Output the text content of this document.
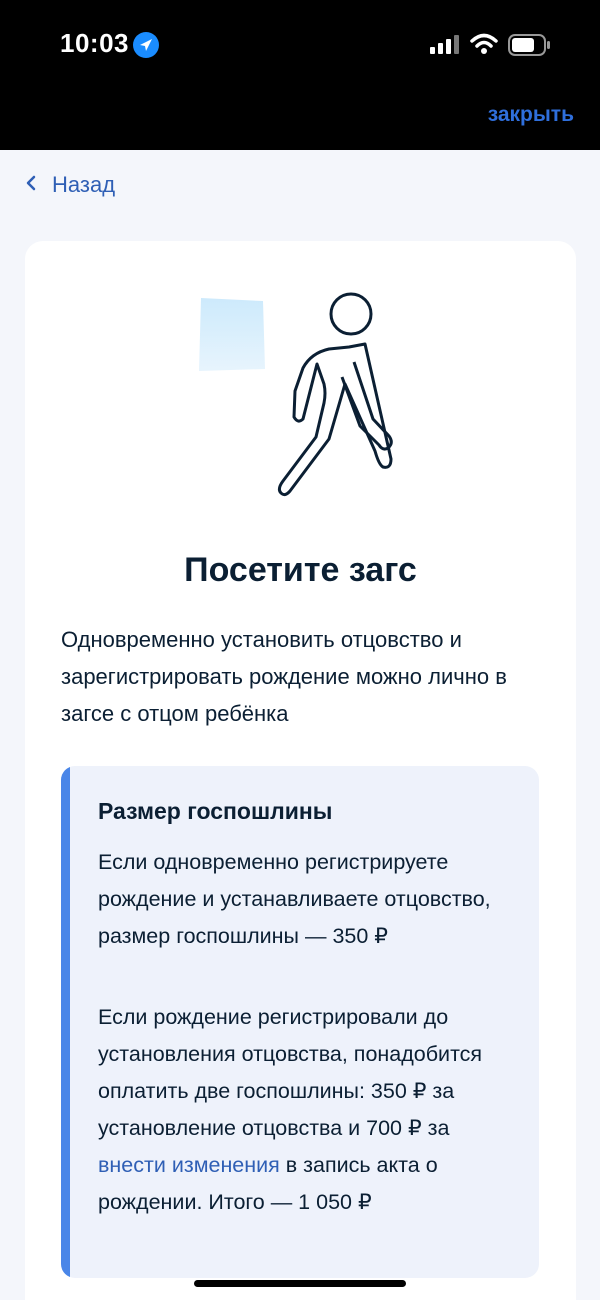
10:03
закрыть
Назад
Посетите загс

Одновременно установить отцовство и зарегистрировать рождение можно лично в загсе с отцом ребёнка

Размер госпошлины

Если одновременно регистрируете рождение и устанавливаете отцовство, размер госпошлины — 350 ₽

Если рождение регистрировали до установления отцовства, понадобится оплатить две госпошлины: 350 ₽ за установление отцовства и 700 ₽ за внести изменения в запись акта о рождении. Итого — 1 050 ₽
